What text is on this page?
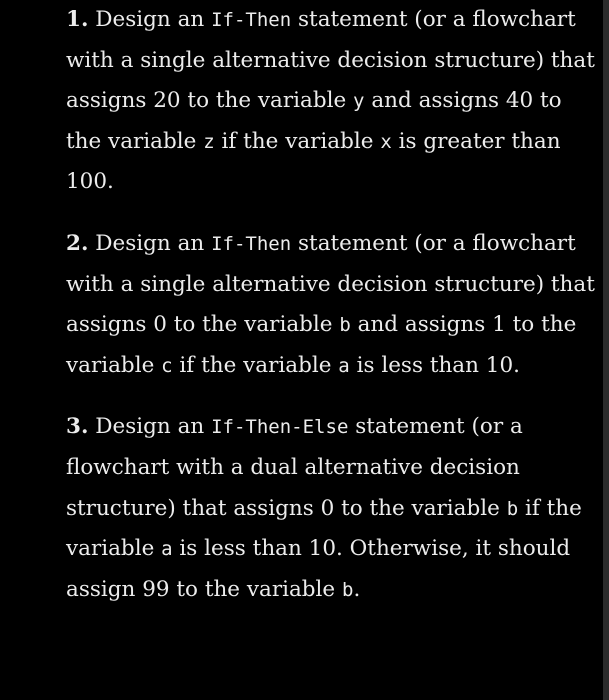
1. Design an If-Then statement (or a flowchart with a single alternative decision structure) that assigns 20 to the variable y and assigns 40 to the variable z if the variable x is greater than 100.

2. Design an If-Then statement (or a flowchart with a single alternative decision structure) that assigns 0 to the variable b and assigns 1 to the variable c if the variable a is less than 10.

3. Design an If-Then-Else statement (or a flowchart with a dual alternative decision structure) that assigns 0 to the variable b if the variable a is less than 10. Otherwise, it should assign 99 to the variable b.
